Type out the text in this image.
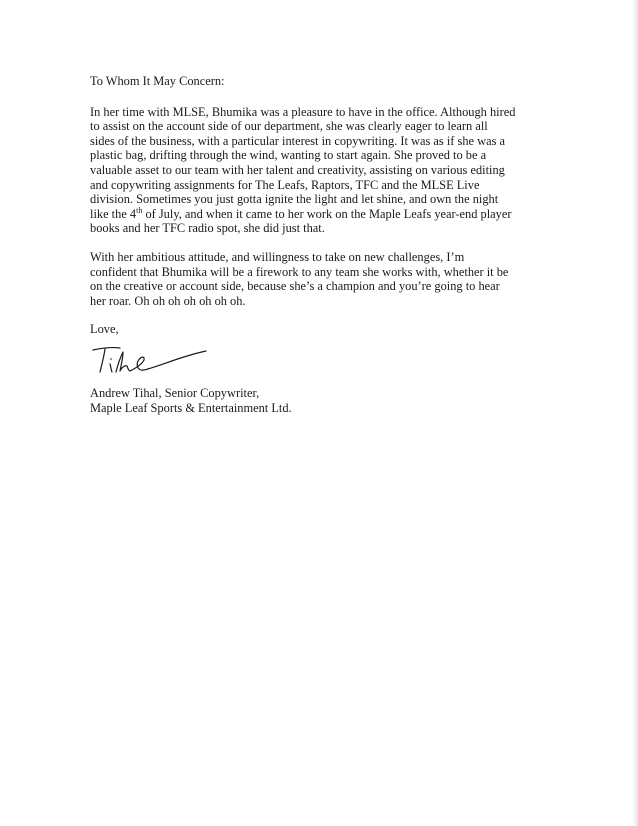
To Whom It May Concern:

In her time with MLSE, Bhumika was a pleasure to have in the office. Although hired
to assist on the account side of our department, she was clearly eager to learn all
sides of the business, with a particular interest in copywriting. It was as if she was a
plastic bag, drifting through the wind, wanting to start again. She proved to be a
valuable asset to our team with her talent and creativity, assisting on various editing
and copywriting assignments for The Leafs, Raptors, TFC and the MLSE Live
division. Sometimes you just gotta ignite the light and let shine, and own the night
like the 4th of July, and when it came to her work on the Maple Leafs year-end player
books and her TFC radio spot, she did just that.

With her ambitious attitude, and willingness to take on new challenges, I’m
confident that Bhumika will be a firework to any team she works with, whether it be
on the creative or account side, because she’s a champion and you’re going to hear
her roar. Oh oh oh oh oh oh oh.

Love,

Andrew Tihal, Senior Copywriter,
Maple Leaf Sports & Entertainment Ltd.
